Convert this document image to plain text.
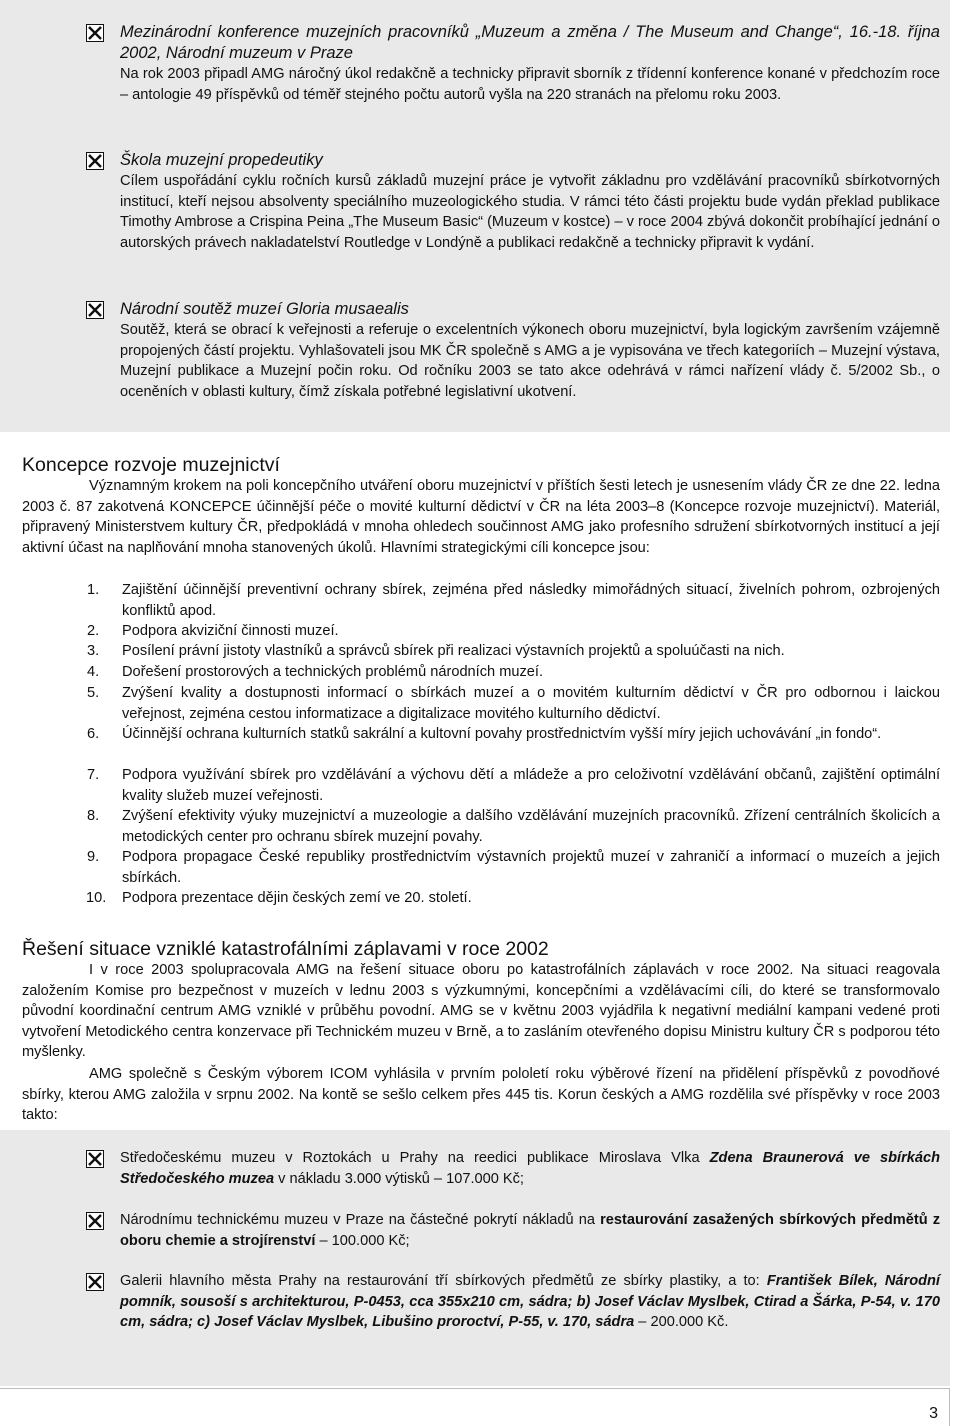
Mezinárodní konference muzejních pracovníků „Muzeum a změna / The Museum and Change“, 16.-18. října 2002, Národní muzeum v Praze

Na rok 2003 připadl AMG náročný úkol redakčně a technicky připravit sborník z třídenní konference konané v předchozím roce – antologie 49 příspěvků od téměř stejného počtu autorů vyšla na 220 stranách na přelomu roku 2003.

Škola muzejní propedeutiky

Cílem uspořádání cyklu ročních kursů základů muzejní práce je vytvořit základnu pro vzdělávání pracovníků sbírkotvorných institucí, kteří nejsou absolventy speciálního muzeologického studia. V rámci této části projektu bude vydán překlad publikace Timothy Ambrose a Crispina Peina „The Museum Basic“ (Muzeum v kostce) – v roce 2004 zbývá dokončit probíhající jednání o autorských právech nakladatelství Routledge v Londýně a publikaci redakčně a technicky připravit k vydání.

Národní soutěž muzeí Gloria musaealis

Soutěž, která se obrací k veřejnosti a referuje o excelentních výkonech oboru muzejnictví, byla logickým završením vzájemně propojených částí projektu. Vyhlašovateli jsou MK ČR společně s AMG a je vypisována ve třech kategoriích – Muzejní výstava, Muzejní publikace a Muzejní počin roku. Od ročníku 2003 se tato akce odehrává v rámci nařízení vlády č. 5/2002 Sb., o oceněních v oblasti kultury, čímž získala potřebné legislativní ukotvení.

Koncepce rozvoje muzejnictví

Významným krokem na poli koncepčního utváření oboru muzejnictví v příštích šesti letech je usnesením vlády ČR ze dne 22. ledna 2003 č. 87 zakotvená KONCEPCE účinnější péče o movité kulturní dědictví v ČR na léta 2003–8 (Koncepce rozvoje muzejnictví). Materiál, připravený Ministerstvem kultury ČR, předpokládá v mnoha ohledech součinnost AMG jako profesního sdružení sbírkotvorných institucí a její aktivní účast na naplňování mnoha stanovených úkolů. Hlavními strategickými cíli koncepce jsou:

1. Zajištění účinnější preventivní ochrany sbírek, zejména před následky mimořádných situací, živelních pohrom, ozbrojených konfliktů apod.
2. Podpora akviziční činnosti muzeí.
3. Posílení právní jistoty vlastníků a správců sbírek při realizaci výstavních projektů a spoluúčasti na nich.
4. Dořešení prostorových a technických problémů národních muzeí.
5. Zvýšení kvality a dostupnosti informací o sbírkách muzeí a o movitém kulturním dědictví v ČR pro odbornou i laickou veřejnost, zejména cestou informatizace a digitalizace movitého kulturního dědictví.
6. Účinnější ochrana kulturních statků sakrální a kultovní povahy prostřednictvím vyšší míry jejich uchovávání „in fondo“.
7. Podpora využívání sbírek pro vzdělávání a výchovu dětí a mládeže a pro celoživotní vzdělávání občanů, zajištění optimální kvality služeb muzeí veřejnosti.
8. Zvýšení efektivity výuky muzejnictví a muzeologie a dalšího vzdělávání muzejních pracovníků. Zřízení centrálních školicích a metodických center pro ochranu sbírek muzejní povahy.
9. Podpora propagace České republiky prostřednictvím výstavních projektů muzeí v zahraničí a informací o muzeích a jejich sbírkách.
10. Podpora prezentace dějin českých zemí ve 20. století.
Řešení situace vzniklé katastrofálními záplavami v roce 2002

I v roce 2003 spolupracovala AMG na řešení situace oboru po katastrofálních záplavách v roce 2002. Na situaci reagovala založením Komise pro bezpečnost v muzeích v lednu 2003 s výzkumnými, koncepčními a vzdělávacími cíli, do které se transformovalo původní koordinační centrum AMG vzniklé v průběhu povodní. AMG se v květnu 2003 vyjádřila k negativní mediální kampani vedené proti vytvoření Metodického centra konzervace při Technickém muzeu v Brně, a to zasláním otevřeného dopisu Ministru kultury ČR s podporou této myšlenky.

AMG společně s Českým výborem ICOM vyhlásila v prvním pololetí roku výběrové řízení na přidělení příspěvků z povodňové sbírky, kterou AMG založila v srpnu 2002. Na kontě se sešlo celkem přes 445 tis. Korun českých a AMG rozdělila své příspěvky v roce 2003 takto:

Středočeskému muzeu v Roztokách u Prahy na reedici publikace Miroslava Vlka Zdena Braunerová ve sbírkách Středočeského muzea v nákladu 3.000 výtisků – 107.000 Kč;

Národnímu technickému muzeu v Praze na částečné pokrytí nákladů na restaurování zasažených sbírkových předmětů z oboru chemie a strojírenství – 100.000 Kč;

Galerii hlavního města Prahy na restaurování tří sbírkových předmětů ze sbírky plastiky, a to: František Bílek, Národní pomník, sousoší s architekturou, P-0453, cca 355x210 cm, sádra; b) Josef Václav Myslbek, Ctirad a Šárka, P-54, v. 170 cm, sádra; c) Josef Václav Myslbek, Libušino proroctví, P-55, v. 170, sádra – 200.000 Kč.

3
